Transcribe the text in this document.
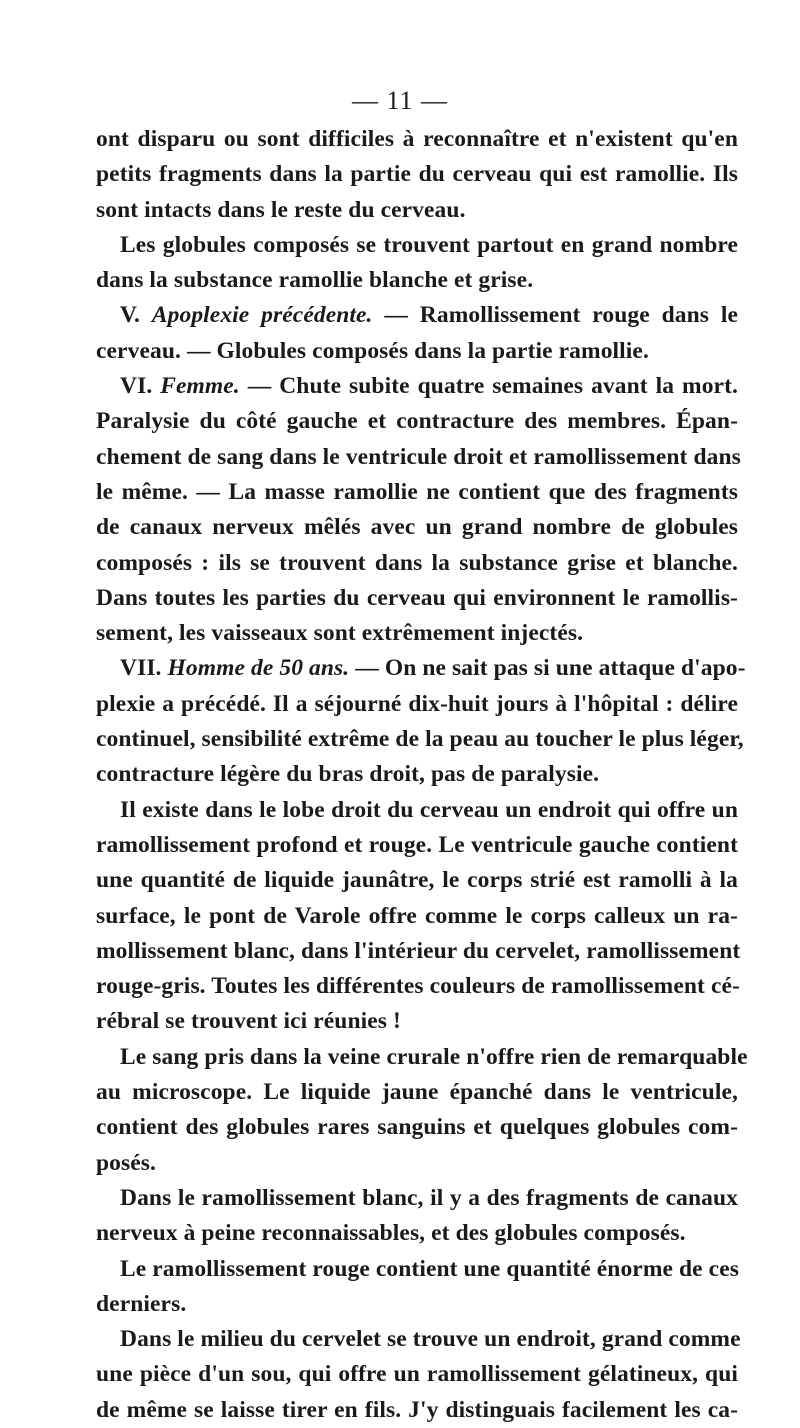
— 11 —
ont disparu ou sont difficiles à reconnaître et n'existent qu'en
petits fragments dans la partie du cerveau qui est ramollie. Ils
sont intacts dans le reste du cerveau.
Les globules composés se trouvent partout en grand nombre
dans la substance ramollie blanche et grise.
V. Apoplexie précédente. — Ramollissement rouge dans le
cerveau. — Globules composés dans la partie ramollie.
VI. Femme. — Chute subite quatre semaines avant la mort.
Paralysie du côté gauche et contracture des membres. Épan-
chement de sang dans le ventricule droit et ramollissement dans
le même. — La masse ramollie ne contient que des fragments
de canaux nerveux mêlés avec un grand nombre de globules
composés : ils se trouvent dans la substance grise et blanche.
Dans toutes les parties du cerveau qui environnent le ramollis-
sement, les vaisseaux sont extrêmement injectés.
VII. Homme de 50 ans. — On ne sait pas si une attaque d'apo-
plexie a précédé. Il a séjourné dix-huit jours à l'hôpital : délire
continuel, sensibilité extrême de la peau au toucher le plus léger,
contracture légère du bras droit, pas de paralysie.
Il existe dans le lobe droit du cerveau un endroit qui offre un
ramollissement profond et rouge. Le ventricule gauche contient
une quantité de liquide jaunâtre, le corps strié est ramolli à la
surface, le pont de Varole offre comme le corps calleux un ra-
mollissement blanc, dans l'intérieur du cervelet, ramollissement
rouge-gris. Toutes les différentes couleurs de ramollissement cé-
rébral se trouvent ici réunies !
Le sang pris dans la veine crurale n'offre rien de remarquable
au microscope. Le liquide jaune épanché dans le ventricule,
contient des globules rares sanguins et quelques globules com-
posés.
Dans le ramollissement blanc, il y a des fragments de canaux
nerveux à peine reconnaissables, et des globules composés.
Le ramollissement rouge contient une quantité énorme de ces
derniers.
Dans le milieu du cervelet se trouve un endroit, grand comme
une pièce d'un sou, qui offre un ramollissement gélatineux, qui
de même se laisse tirer en fils. J'y distinguais facilement les ca-
